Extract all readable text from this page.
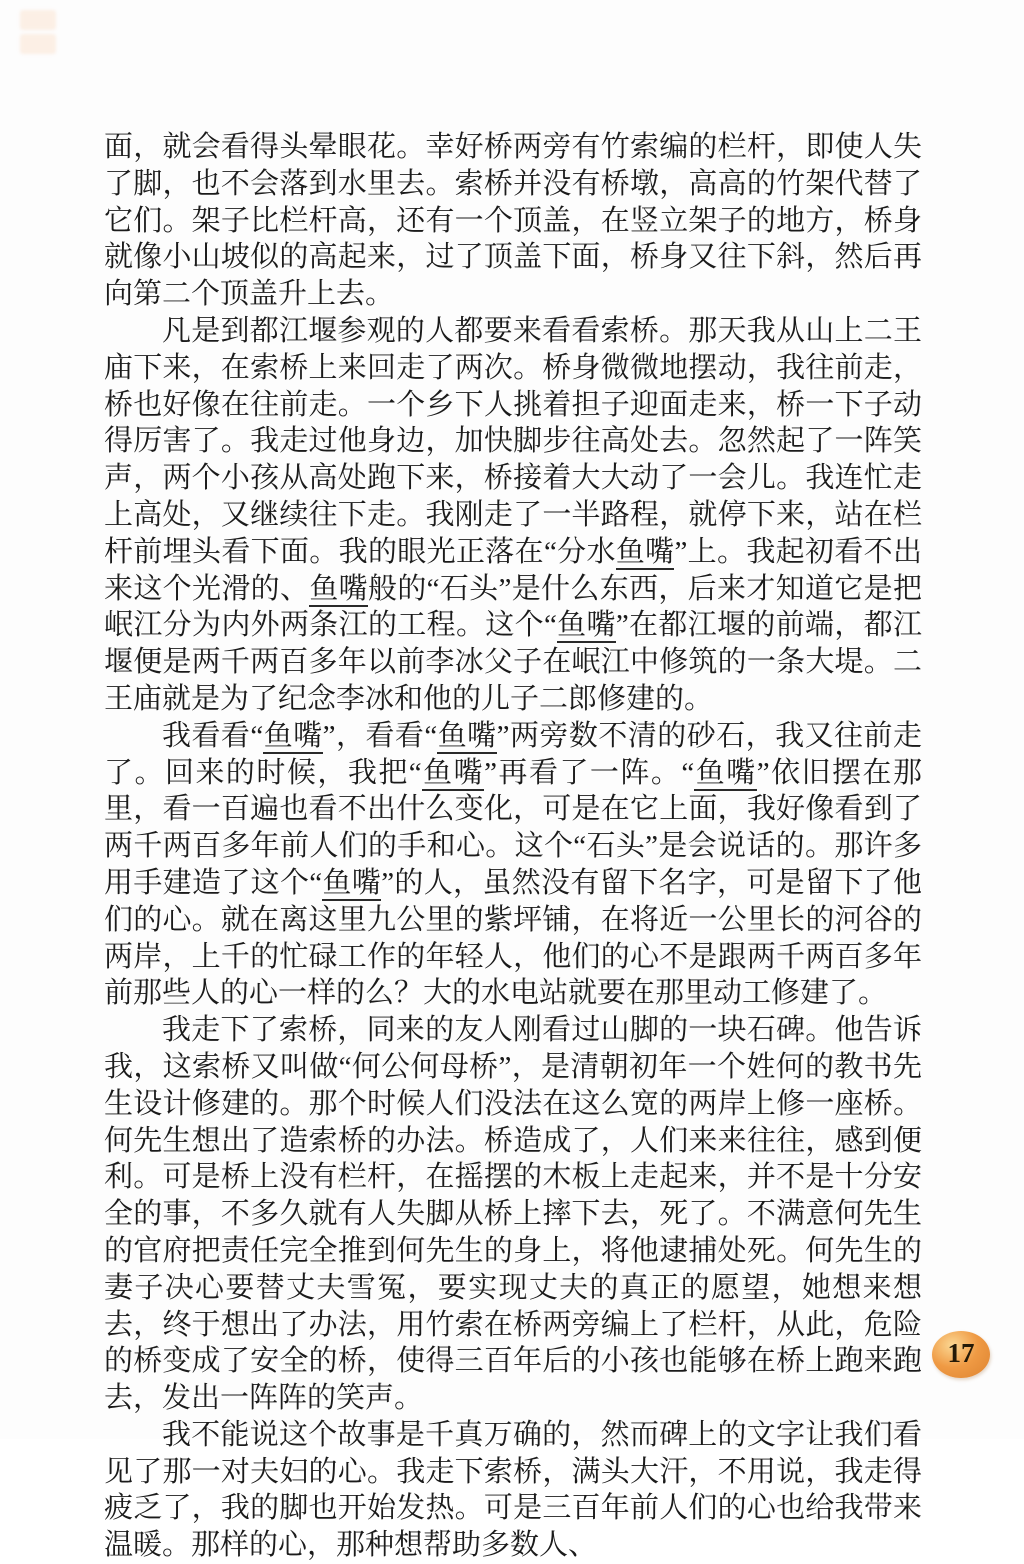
面，就会看得头晕眼花。幸好桥两旁有竹索编的栏杆，即使人失了脚，也不会落到水里去。索桥并没有桥墩，高高的竹架代替了它们。架子比栏杆高，还有一个顶盖，在竖立架子的地方，桥身就像小山坡似的高起来，过了顶盖下面，桥身又往下斜，然后再向第二个顶盖升上去。

凡是到都江堰参观的人都要来看看索桥。那天我从山上二王庙下来，在索桥上来回走了两次。桥身微微地摆动，我往前走，桥也好像在往前走。一个乡下人挑着担子迎面走来，桥一下子动得厉害了。我走过他身边，加快脚步往高处去。忽然起了一阵笑声，两个小孩从高处跑下来，桥接着大大动了一会儿。我连忙走上高处，又继续往下走。我刚走了一半路程，就停下来，站在栏杆前埋头看下面。我的眼光正落在“分水鱼嘴”上。我起初看不出来这个光滑的、鱼嘴般的“石头”是什么东西，后来才知道它是把岷江分为内外两条江的工程。这个“鱼嘴”在都江堰的前端，都江堰便是两千两百多年以前李冰父子在岷江中修筑的一条大堤。二王庙就是为了纪念李冰和他的儿子二郎修建的。

我看看“鱼嘴”，看看“鱼嘴”两旁数不清的砂石，我又往前走了。回来的时候，我把“鱼嘴”再看了一阵。“鱼嘴”依旧摆在那里，看一百遍也看不出什么变化，可是在它上面，我好像看到了两千两百多年前人们的手和心。这个“石头”是会说话的。那许多用手建造了这个“鱼嘴”的人，虽然没有留下名字，可是留下了他们的心。就在离这里九公里的紫坪铺，在将近一公里长的河谷的两岸，上千的忙碌工作的年轻人，他们的心不是跟两千两百多年前那些人的心一样的么？大的水电站就要在那里动工修建了。

我走下了索桥，同来的友人刚看过山脚的一块石碑。他告诉我，这索桥又叫做“何公何母桥”，是清朝初年一个姓何的教书先生设计修建的。那个时候人们没法在这么宽的两岸上修一座桥。何先生想出了造索桥的办法。桥造成了，人们来来往往，感到便利。可是桥上没有栏杆，在摇摆的木板上走起来，并不是十分安全的事，不多久就有人失脚从桥上摔下去，死了。不满意何先生的官府把责任完全推到何先生的身上，将他逮捕处死。何先生的妻子决心要替丈夫雪冤，要实现丈夫的真正的愿望，她想来想去，终于想出了办法，用竹索在桥两旁编上了栏杆，从此，危险的桥变成了安全的桥，使得三百年后的小孩也能够在桥上跑来跑去，发出一阵阵的笑声。

我不能说这个故事是千真万确的，然而碑上的文字让我们看见了那一对夫妇的心。我走下索桥，满头大汗，不用说，我走得疲乏了，我的脚也开始发热。可是三百年前人们的心也给我带来温暖。那样的心，那种想帮助多数人、

17
